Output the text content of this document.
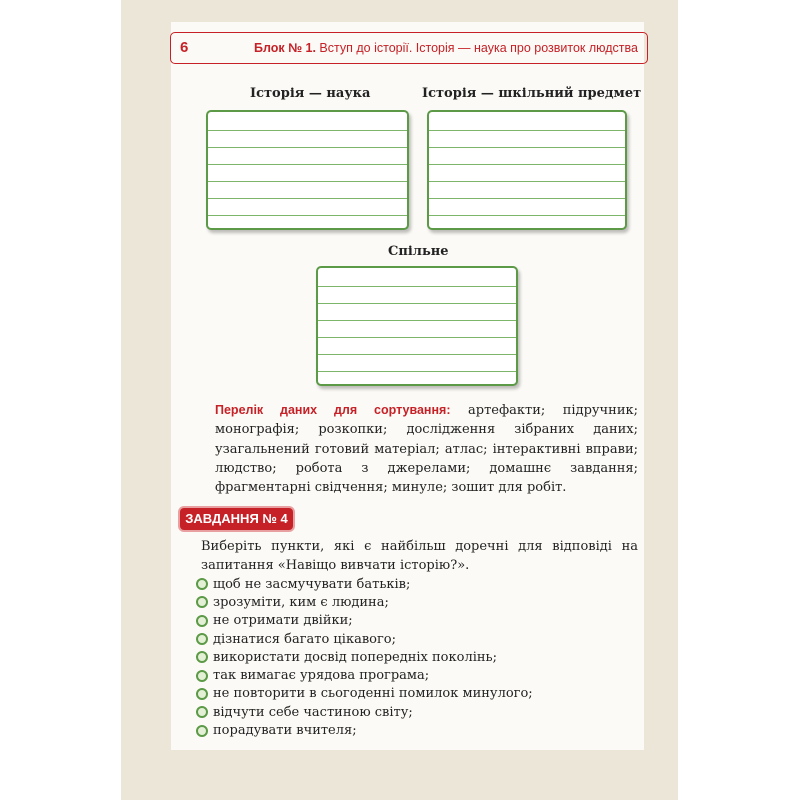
6	Блок № 1. Вступ до історії. Історія — наука про розвиток людства
Історія — наука	Історія — шкільний предмет
Спільне
Перелік даних для сортування: артефакти; підручник; монографія; розкопки; дослідження зібраних даних; узагальнений готовий матеріал; атлас; інтерактивні вправи; людство; робота з джерелами; домашнє завдання; фрагментарні свідчення; минуле; зошит для робіт.
ЗАВДАННЯ № 4
Виберіть пункти, які є найбільш доречні для відповіді на запитання «Навіщо вивчати історію?».
щоб не засмучувати батьків;
зрозуміти, ким є людина;
не отримати двійки;
дізнатися багато цікавого;
використати досвід попередніх поколінь;
так вимагає урядова програма;
не повторити в сьогоденні помилок минулого;
відчути себе частиною світу;
порадувати вчителя;
